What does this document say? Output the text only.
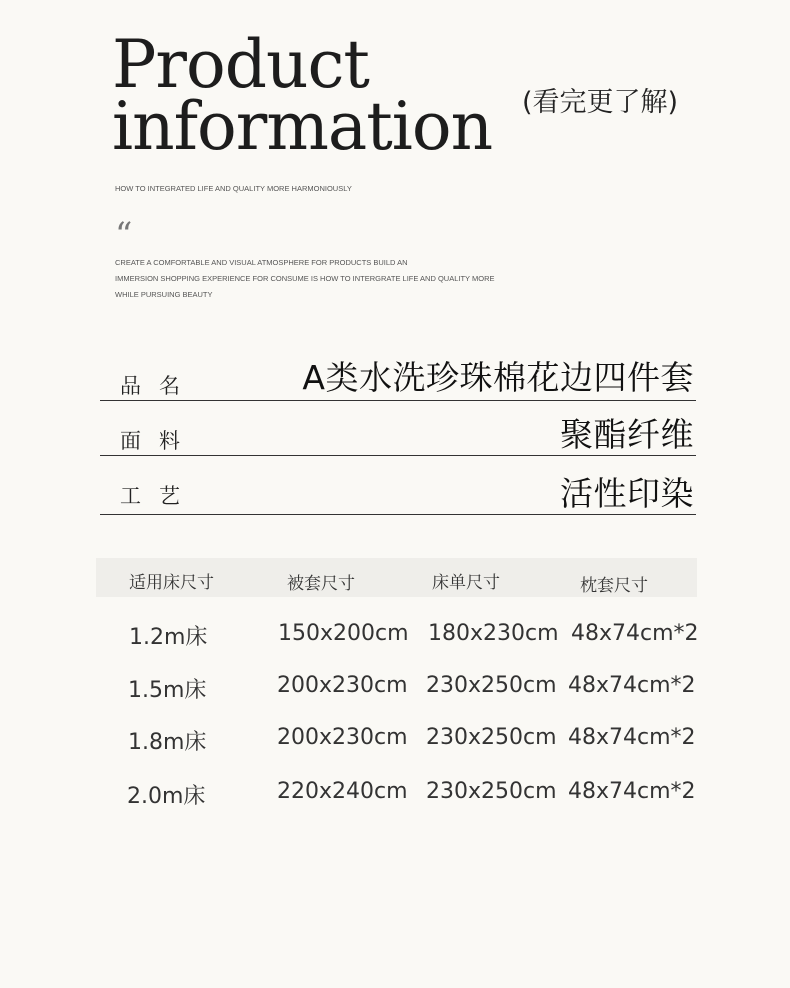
Product
information (看完更了解)
HOW TO INTEGRATED LIFE AND QUALITY MORE HARMONIOUSLY
“
CREATE A COMFORTABLE AND VISUAL ATMOSPHERE FOR PRODUCTS BUILD AN
IMMERSION SHOPPING EXPERIENCE FOR CONSUME IS HOW TO INTERGRATE LIFE AND QUALITY MORE
WHILE PURSUING BEAUTY
品名	A类水洗珍珠棉花边四件套
面料	聚酯纤维
工艺	活性印染
适用床尺寸	被套尺寸	床单尺寸	枕套尺寸
1.2m床	150x200cm 180x230cm 48x74cm*2
1.5m床	200x230cm 230x250cm 48x74cm*2
1.8m床	200x230cm 230x250cm 48x74cm*2
2.0m床	220x240cm 230x250cm 48x74cm*2
